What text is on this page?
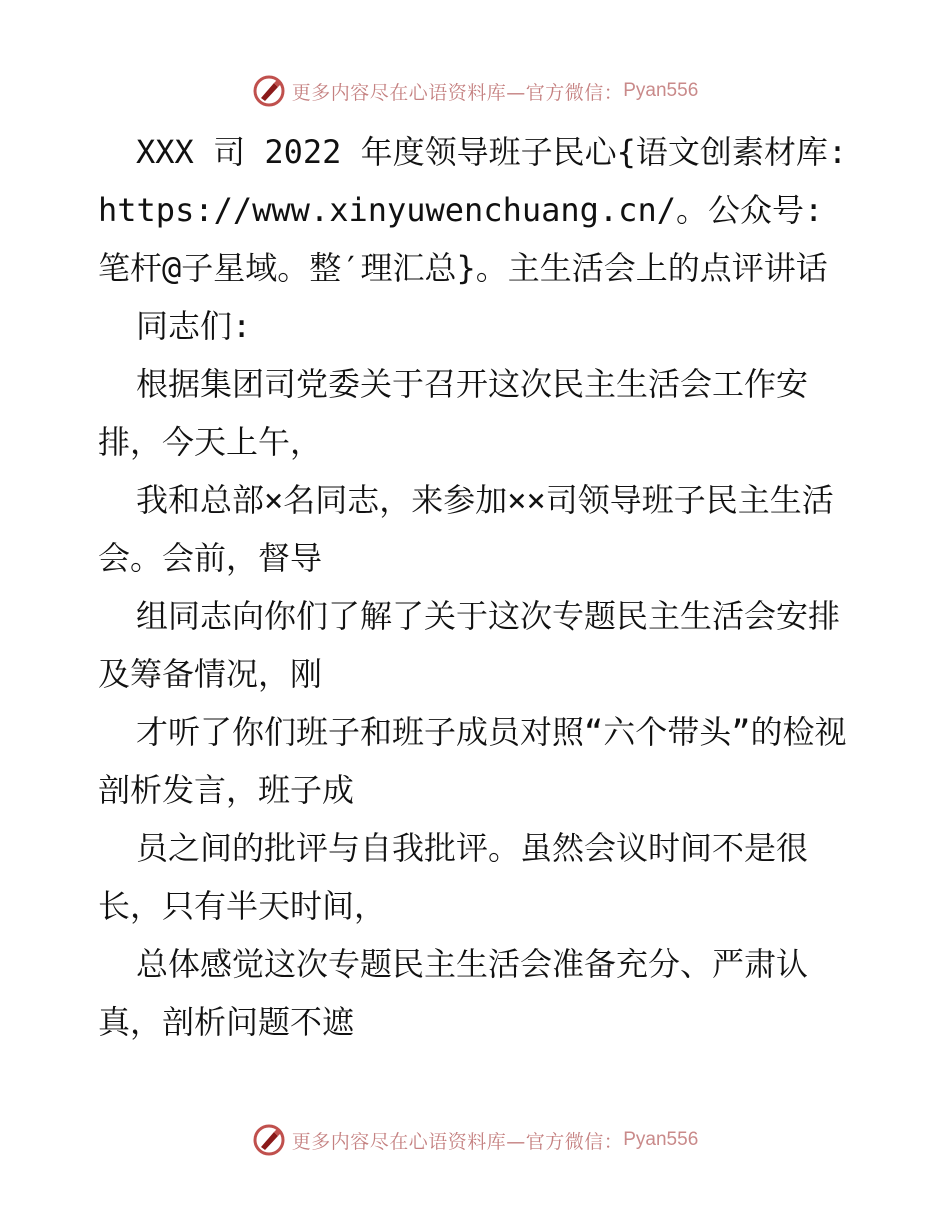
更多内容尽在心语资料库—官方微信： Pyan556

XXX 司 2022 年度领导班子民心{语文创素材库: https://www.xinyuwenchuang.cn/。公众号: 笔杆@子星域。整′理汇总}。主生活会上的点评讲话

同志们:

根据集团司党委关于召开这次民主生活会工作安排，今天上午，

我和总部×名同志，来参加××司领导班子民主生活会。会前，督导

组同志向你们了解了关于这次专题民主生活会安排及筹备情况，刚

才听了你们班子和班子成员对照“六个带头”的检视剖析发言，班子成

员之间的批评与自我批评。虽然会议时间不是很长，只有半天时间，

总体感觉这次专题民主生活会准备充分、严肃认真，剖析问题不遮

更多内容尽在心语资料库—官方微信： Pyan556
